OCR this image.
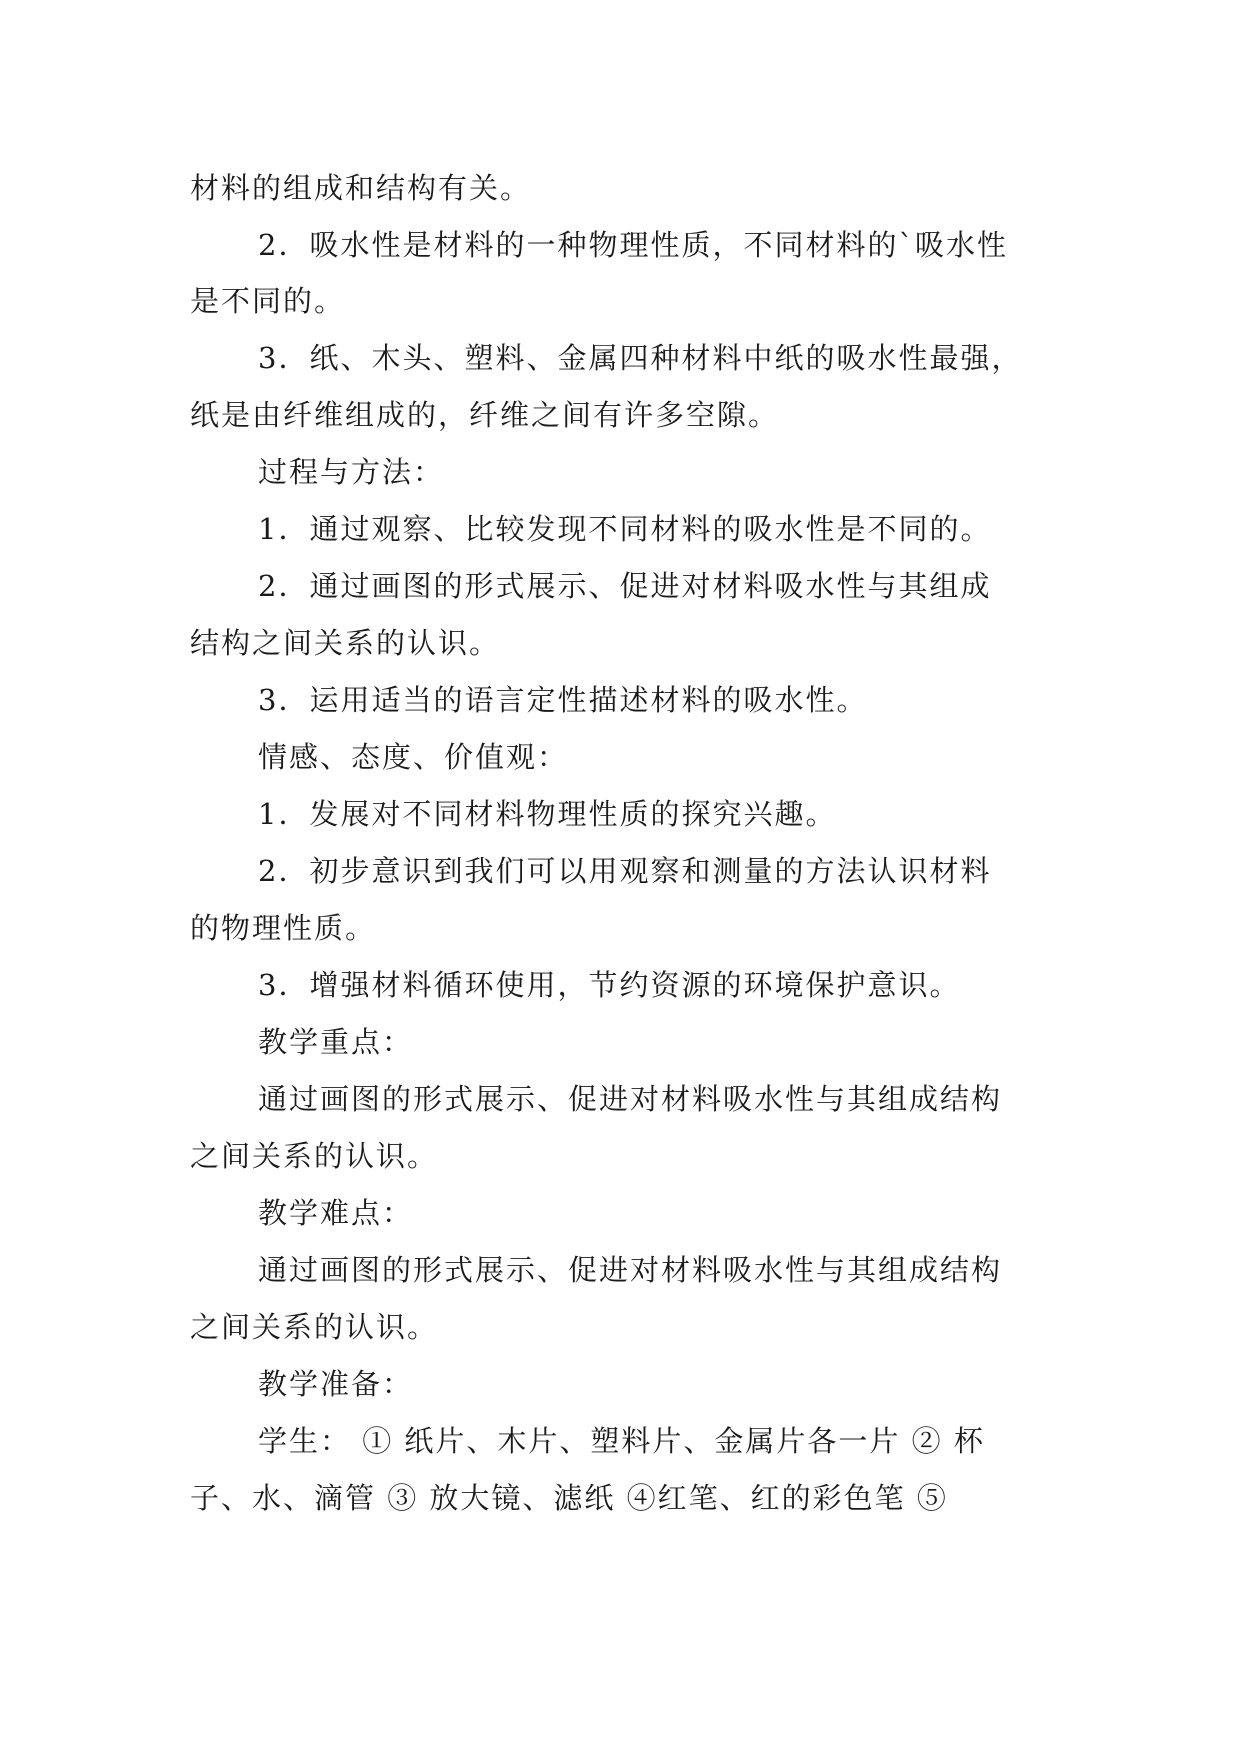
材料的组成和结构有关。
2．吸水性是材料的一种物理性质，不同材料的`吸水性
是不同的。
3．纸、木头、塑料、金属四种材料中纸的吸水性最强，
纸是由纤维组成的，纤维之间有许多空隙。
过程与方法：
1．通过观察、比较发现不同材料的吸水性是不同的。
2．通过画图的形式展示、促进对材料吸水性与其组成
结构之间关系的认识。
3．运用适当的语言定性描述材料的吸水性。
情感、态度、价值观：
1．发展对不同材料物理性质的探究兴趣。
2．初步意识到我们可以用观察和测量的方法认识材料
的物理性质。
3．增强材料循环使用，节约资源的环境保护意识。
教学重点：
通过画图的形式展示、促进对材料吸水性与其组成结构
之间关系的认识。
教学难点：
通过画图的形式展示、促进对材料吸水性与其组成结构
之间关系的认识。
教学准备：
学生： ① 纸片、木片、塑料片、金属片各一片 ② 杯
子、水、滴管 ③ 放大镜、滤纸 ④红笔、红的彩色笔 ⑤
